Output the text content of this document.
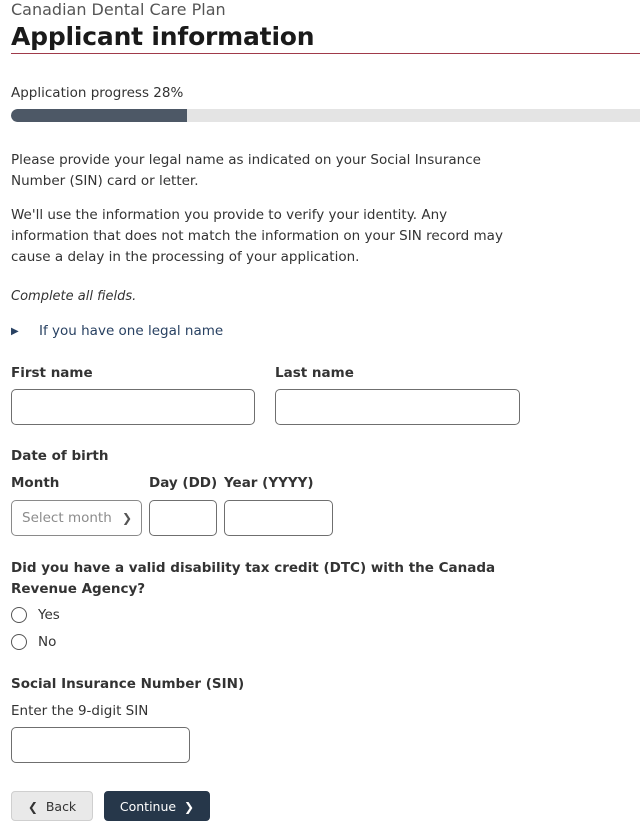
Canadian Dental Care Plan
Applicant information
Application progress 28%

Please provide your legal name as indicated on your Social Insurance Number (SIN) card or letter.

We'll use the information you provide to verify your identity. Any information that does not match the information on your SIN record may cause a delay in the processing of your application.

Complete all fields.

▶ If you have one legal name
First name	Last name
Date of birth
Month
Select month ❯
Day (DD) Year (YYYY)
Did you have a valid disability tax credit (DTC) with the Canada Revenue Agency?
Yes
No
Social Insurance Number (SIN)
Enter the 9-digit SIN
❮ Back	Continue ❯
